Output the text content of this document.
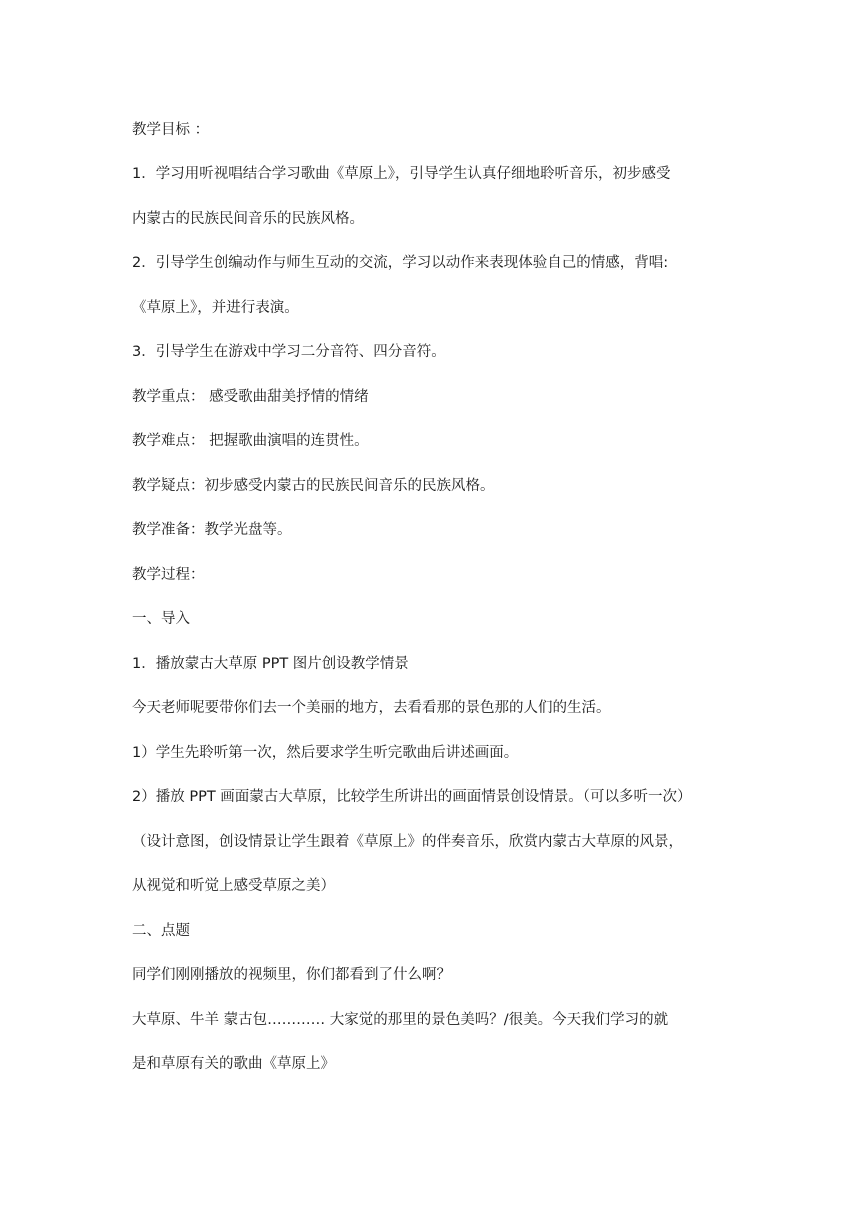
教学目标 ：
1．学习用听视唱结合学习歌曲《草原上》，引导学生认真仔细地聆听音乐，初步感受
内蒙古的民族民间音乐的民族风格。
2．引导学生创编动作与师生互动的交流，学习以动作来表现体验自己的情感，背唱:
《草原上》，并进行表演。
3．引导学生在游戏中学习二分音符、四分音符。
教学重点： 感受歌曲甜美抒情的情绪
教学难点： 把握歌曲演唱的连贯性。
教学疑点：初步感受内蒙古的民族民间音乐的民族风格。
教学准备：教学光盘等。
教学过程：
一、导入
1．播放蒙古大草原 PPT 图片创设教学情景
今天老师呢要带你们去一个美丽的地方，去看看那的景色那的人们的生活。
1）学生先聆听第一次，然后要求学生听完歌曲后讲述画面。
2）播放 PPT 画面蒙古大草原，比较学生所讲出的画面情景创设情景。（可以多听一次）
（设计意图，创设情景让学生跟着《草原上》的伴奏音乐，欣赏内蒙古大草原的风景，
从视觉和听觉上感受草原之美）
二、点题
同学们刚刚播放的视频里，你们都看到了什么啊？
大草原、牛羊 蒙古包………… 大家觉的那里的景色美吗？/很美。今天我们学习的就
是和草原有关的歌曲《草原上》
